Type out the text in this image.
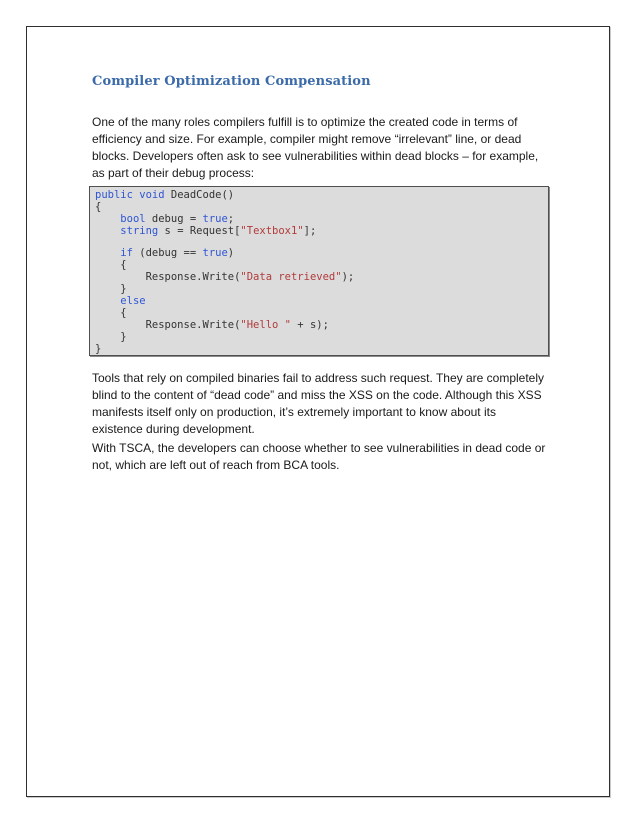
Compiler Optimization Compensation

One of the many roles compilers fulfill is to optimize the created code in terms of efficiency and size. For example, compiler might remove “irrelevant” line, or dead blocks. Developers often ask to see vulnerabilities within dead blocks – for example, as part of their debug process:

public void DeadCode()
{
bool debug = true;
string s = Request["Textbox1"];
if (debug == true)
{
Response.Write("Data retrieved");
}
else
{
Response.Write("Hello " + s);
}
}

Tools that rely on compiled binaries fail to address such request. They are completely blind to the content of “dead code” and miss the XSS on the code. Although this XSS manifests itself only on production, it’s extremely important to know about its existence during development.

With TSCA, the developers can choose whether to see vulnerabilities in dead code or not, which are left out of reach from BCA tools.
